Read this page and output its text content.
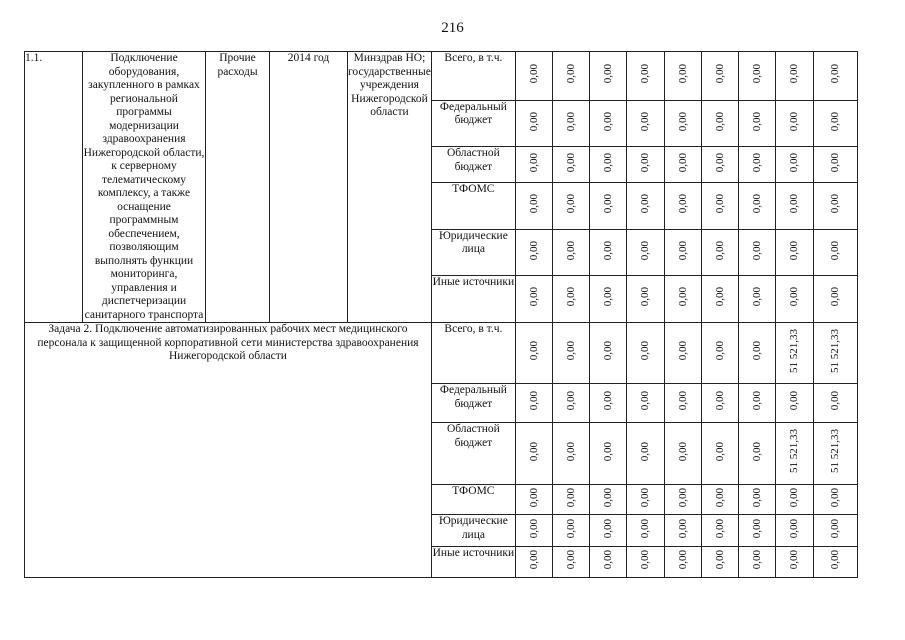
216
1.1.	Подключение оборудования, закупленного в рамках региональной программы модернизации здравоохранения Нижегородской области, к серверному телематическому комплексу, а также оснащение программным обеспечением, позволяющим выполнять функции мониторинга, управления и диспетчеризации санитарного транспорта	Прочие расходы	2014 год	Минздрав НО; государственные учреждения Нижегородской области	Всего, в т.ч.	0,00	0,00	0,00	0,00	0,00	0,00	0,00	0,00	0,00
					Федеральный бюджет	0,00	0,00	0,00	0,00	0,00	0,00	0,00	0,00	0,00
					Областной бюджет	0,00	0,00	0,00	0,00	0,00	0,00	0,00	0,00	0,00
					ТФОМС	0,00	0,00	0,00	0,00	0,00	0,00	0,00	0,00	0,00
					Юридические лица	0,00	0,00	0,00	0,00	0,00	0,00	0,00	0,00	0,00
					Иные источники	0,00	0,00	0,00	0,00	0,00	0,00	0,00	0,00	0,00
Задача 2. Подключение автоматизированных рабочих мест медицинского персонала к защищенной корпоративной сети министерства здравоохранения Нижегородской области					Всего, в т.ч.	0,00	0,00	0,00	0,00	0,00	0,00	0,00	51 521,33	51 521,33
					Федеральный бюджет	0,00	0,00	0,00	0,00	0,00	0,00	0,00	0,00	0,00
					Областной бюджет	0,00	0,00	0,00	0,00	0,00	0,00	0,00	51 521,33	51 521,33
					ТФОМС	0,00	0,00	0,00	0,00	0,00	0,00	0,00	0,00	0,00
					Юридические лица	0,00	0,00	0,00	0,00	0,00	0,00	0,00	0,00	0,00
					Иные источники	0,00	0,00	0,00	0,00	0,00	0,00	0,00	0,00	0,00
